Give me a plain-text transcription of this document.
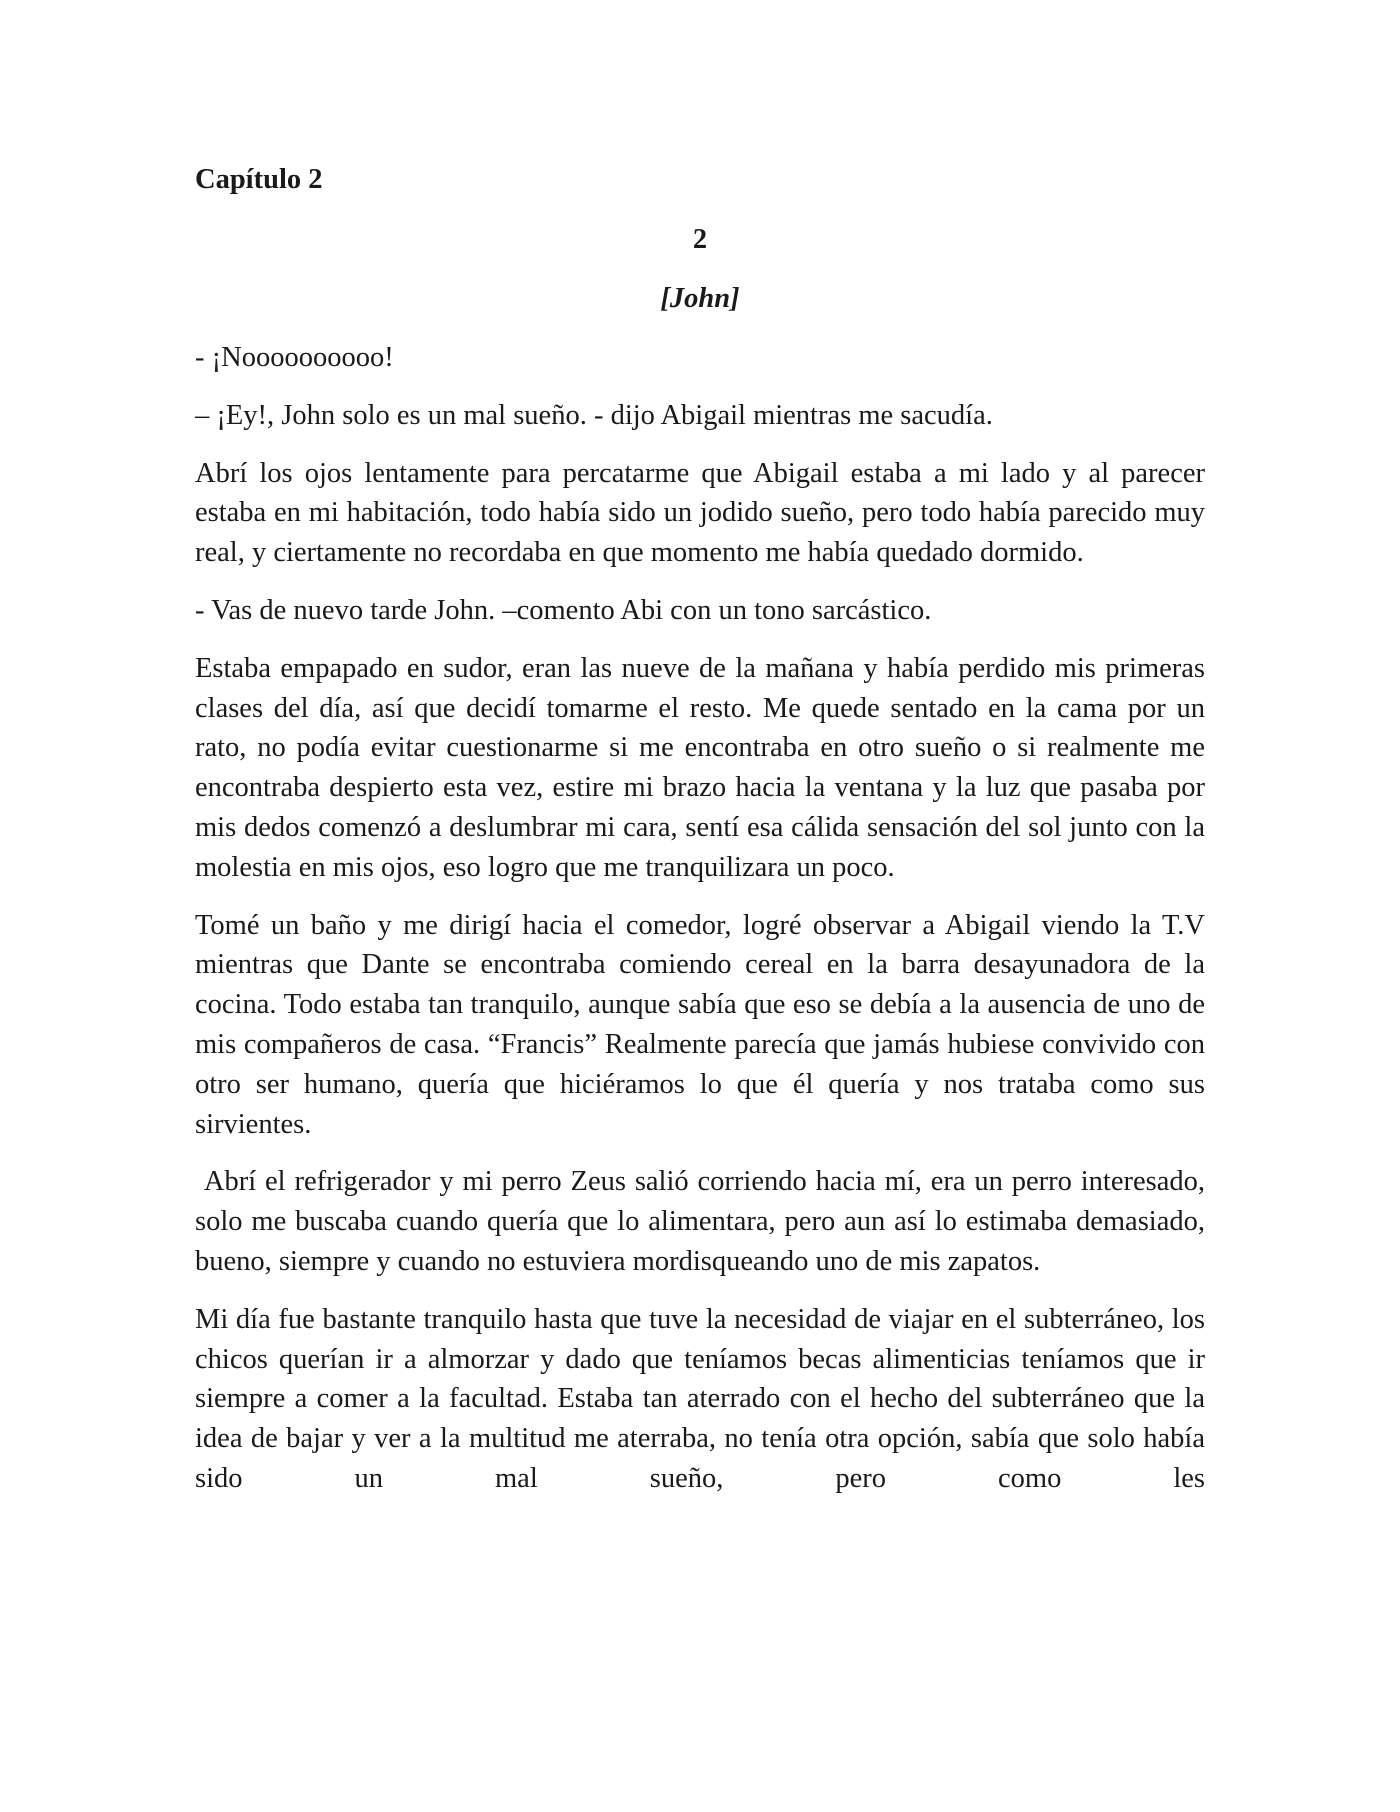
Capítulo 2
2
[John]

- ¡Noooooooooo!

– ¡Ey!, John solo es un mal sueño. - dijo Abigail mientras me sacudía.

Abrí los ojos lentamente para percatarme que Abigail estaba a mi lado y al parecer estaba en mi habitación, todo había sido un jodido sueño, pero todo había parecido muy real, y ciertamente no recordaba en que momento me había quedado dormido.

- Vas de nuevo tarde John. –comento Abi con un tono sarcástico.

Estaba empapado en sudor, eran las nueve de la mañana y había perdido mis primeras clases del día, así que decidí tomarme el resto. Me quede sentado en la cama por un rato, no podía evitar cuestionarme si me encontraba en otro sueño o si realmente me encontraba despierto esta vez, estire mi brazo hacia la ventana y la luz que pasaba por mis dedos comenzó a deslumbrar mi cara, sentí esa cálida sensación del sol junto con la molestia en mis ojos, eso logro que me tranquilizara un poco.

Tomé un baño y me dirigí hacia el comedor, logré observar a Abigail viendo la T.V mientras que Dante se encontraba comiendo cereal en la barra desayunadora de la cocina. Todo estaba tan tranquilo, aunque sabía que eso se debía a la ausencia de uno de mis compañeros de casa. “Francis” Realmente parecía que jamás hubiese convivido con otro ser humano, quería que hiciéramos lo que él quería y nos trataba como sus sirvientes.

Abrí el refrigerador y mi perro Zeus salió corriendo hacia mí, era un perro interesado, solo me buscaba cuando quería que lo alimentara, pero aun así lo estimaba demasiado, bueno, siempre y cuando no estuviera mordisqueando uno de mis zapatos.

Mi día fue bastante tranquilo hasta que tuve la necesidad de viajar en el subterráneo, los chicos querían ir a almorzar y dado que teníamos becas alimenticias teníamos que ir siempre a comer a la facultad. Estaba tan aterrado con el hecho del subterráneo que la idea de bajar y ver a la multitud me aterraba, no tenía otra opción, sabía que solo había sido un mal sueño, pero como les
